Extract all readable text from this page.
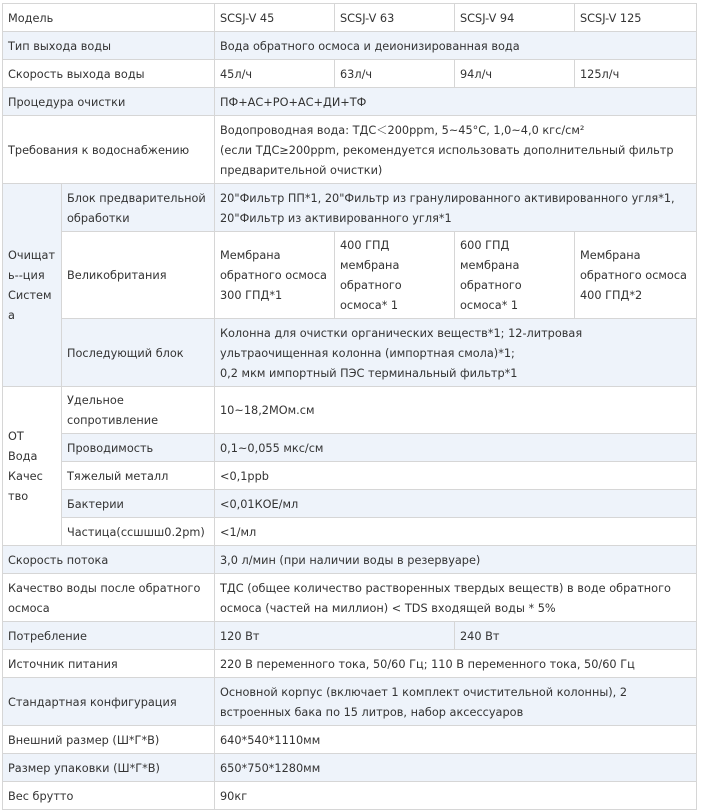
Модель		SCSJ-V 45	SCSJ-V 63	SCSJ-V 94	SCSJ-V 125
Тип выхода воды		Вода обратного осмоса и деионизированная вода			
Скорость выхода воды		45л/ч	63л/ч	94л/ч	125л/ч
Процедура очистки		ПФ+АС+РО+АС+ДИ+ТФ			
Требования к водоснабжению		Водопроводная вода: ТДС＜200ppm, 5~45°C, 1,0~4,0 кгс/см²
(если ТДС≥200ppm, рекомендуется использовать дополнительный фильтр предварительной очистки)			

Очищать--ция Система	Блок предварительной обработки	20"Фильтр ПП*1, 20"Фильтр из гранулированного активированного угля*1, 20"Фильтр из активированного угля*1			
	Великобритания	Мембрана обратного осмоса 300 ГПД*1	400 ГПД мембрана обратного осмоса* 1	600 ГПД мембрана обратного осмоса* 1	Мембрана обратного осмоса 400 ГПД*2
	Последующий блок	Колонна для очистки органических веществ*1; 12-литровая ультраочищенная колонна (импортная смола)*1;
0,2 мкм импортный ПЭС терминальный фильтр*1			

ОТ Вода Качество	Удельное сопротивление	10~18,2МОм.см			
	Проводимость	0,1~0,055 мкс/см			
	Тяжелый металл	<0,1ppb			
	Бактерии	<0,01КОЕ/мл			
	Частица(ссшшш0.2pm)	<1/мл			
Скорость потока		3,0 л/мин (при наличии воды в резервуаре)			
Качество воды после обратного осмоса		ТДС (общее количество растворенных твердых веществ) в воде обратного осмоса (частей на миллион) < TDS входящей воды * 5%			
Потребление		120 Вт		240 Вт	
Источник питания		220 В переменного тока, 50/60 Гц; 110 В переменного тока, 50/60 Гц			
Стандартная конфигурация		Основной корпус (включает 1 комплект очистительной колонны), 2 встроенных бака по 15 литров, набор аксессуаров			
Внешний размер (Ш*Г*В)		640*540*1110мм			
Размер упаковки (Ш*Г*В)		650*750*1280мм			
Вес брутто		90кг			
